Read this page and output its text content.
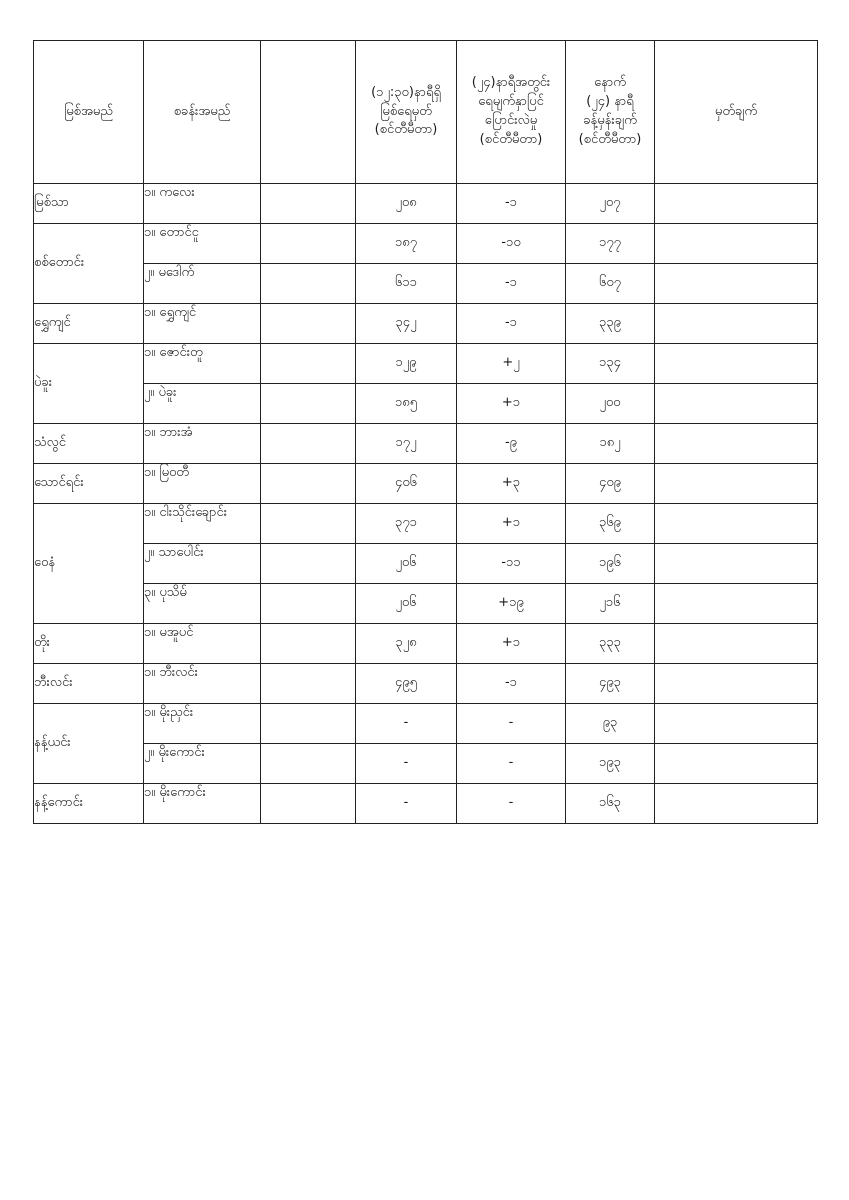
မြစ်အမည်	စခန်းအမည်		(၁၂:၃၀)နာရီရှိ
မြစ်ရေမှတ်
(စင်တီမီတာ)	(၂၄)နာရီအတွင်း
ရေမျက်နှာပြင်
ပြောင်းလဲမှု
(စင်တီမီတာ)	နောက်
(၂၄) နာရီ
ခန့်မှန်းချက်
(စင်တီမီတာ)	မှတ်ချက်
မြစ်သာ	၁။ ကလေး		၂၀၈	-၁	၂၀၇	
စစ်တောင်း	၁။ တောင်ငူ		၁၈၇	-၁၀	၁၇၇	
	၂။ မဒေါက်		၆၁၁	-၁	၆၀၇	
ရွှေကျင်	၁။ ရွှေကျင်		၃၄၂	-၁	၃၃၉	
ပဲခူး	၁။ ဇောင်းတူ		၁၂၉	+၂	၁၃၄	
	၂။ ပဲခူး		၁၈၅	+၁	၂၀၀	
သံလွင်	၁။ ဘားအံ		၁၇၂	-၉	၁၈၂	
သောင်ရင်း	၁။ မြဝတီ		၄၀၆	+၃	၄၀၉	
ဝေနံ	၁။ ငါးသိုင်းချောင်း		၃၇၁	+၁	၃၆၉	
	၂။ သာပေါင်း		၂၀၆	-၁၁	၁၉၆	
	၃။ ပုသိမ်		၂၀၆	+၁၉	၂၁၆	
တိုး	၁။ မအူပင်		၃၂၈	+၁	၃၃၃	
ဘီးလင်း	၁။ ဘီးလင်း		၄၉၅	-၁	၄၉၃	
နန့်ယင်း	၁။ မိုးညှင်း		-	-	၉၃	
	၂။ မိုးကောင်း		-	-	၁၉၃	
နန့်ကောင်း	၁။ မိုးကောင်း		-	-	၁၆၃	
